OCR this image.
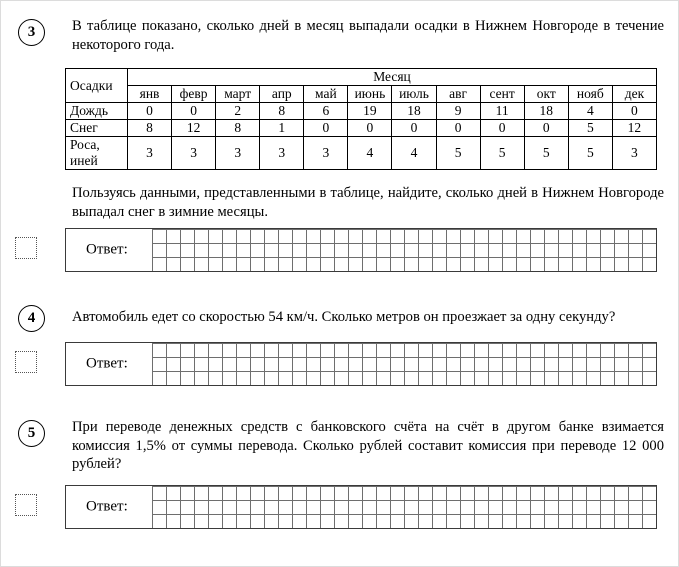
3	В таблице показано, сколько дней в месяц выпадали осадки в Нижнем Новгороде в течение некоторого года.

Осадки	Месяц											
	янв	февр	март	апр	май	июнь	июль	авг	сент	окт	нояб	дек
Дождь	0	0	2	8	6	19	18	9	11	18	4	0
Снег	8	12	8	1	0	0	0	0	0	0	5	12
Роса, иней	3	3	3	3	3	4	4	5	5	5	5	3

Пользуясь данными, представленными в таблице, найдите, сколько дней в Нижнем Новгороде выпадал снег в зимние месяцы.

Ответ:
4	Автомобиль едет со скоростью 54 км/ч. Сколько метров он проезжает за одну секунду?

Ответ:
5	При переводе денежных средств с банковского счёта на счёт в другом банке взимается комиссия 1,5% от суммы перевода. Сколько рублей составит комиссия при переводе 12 000 рублей?

Ответ:
